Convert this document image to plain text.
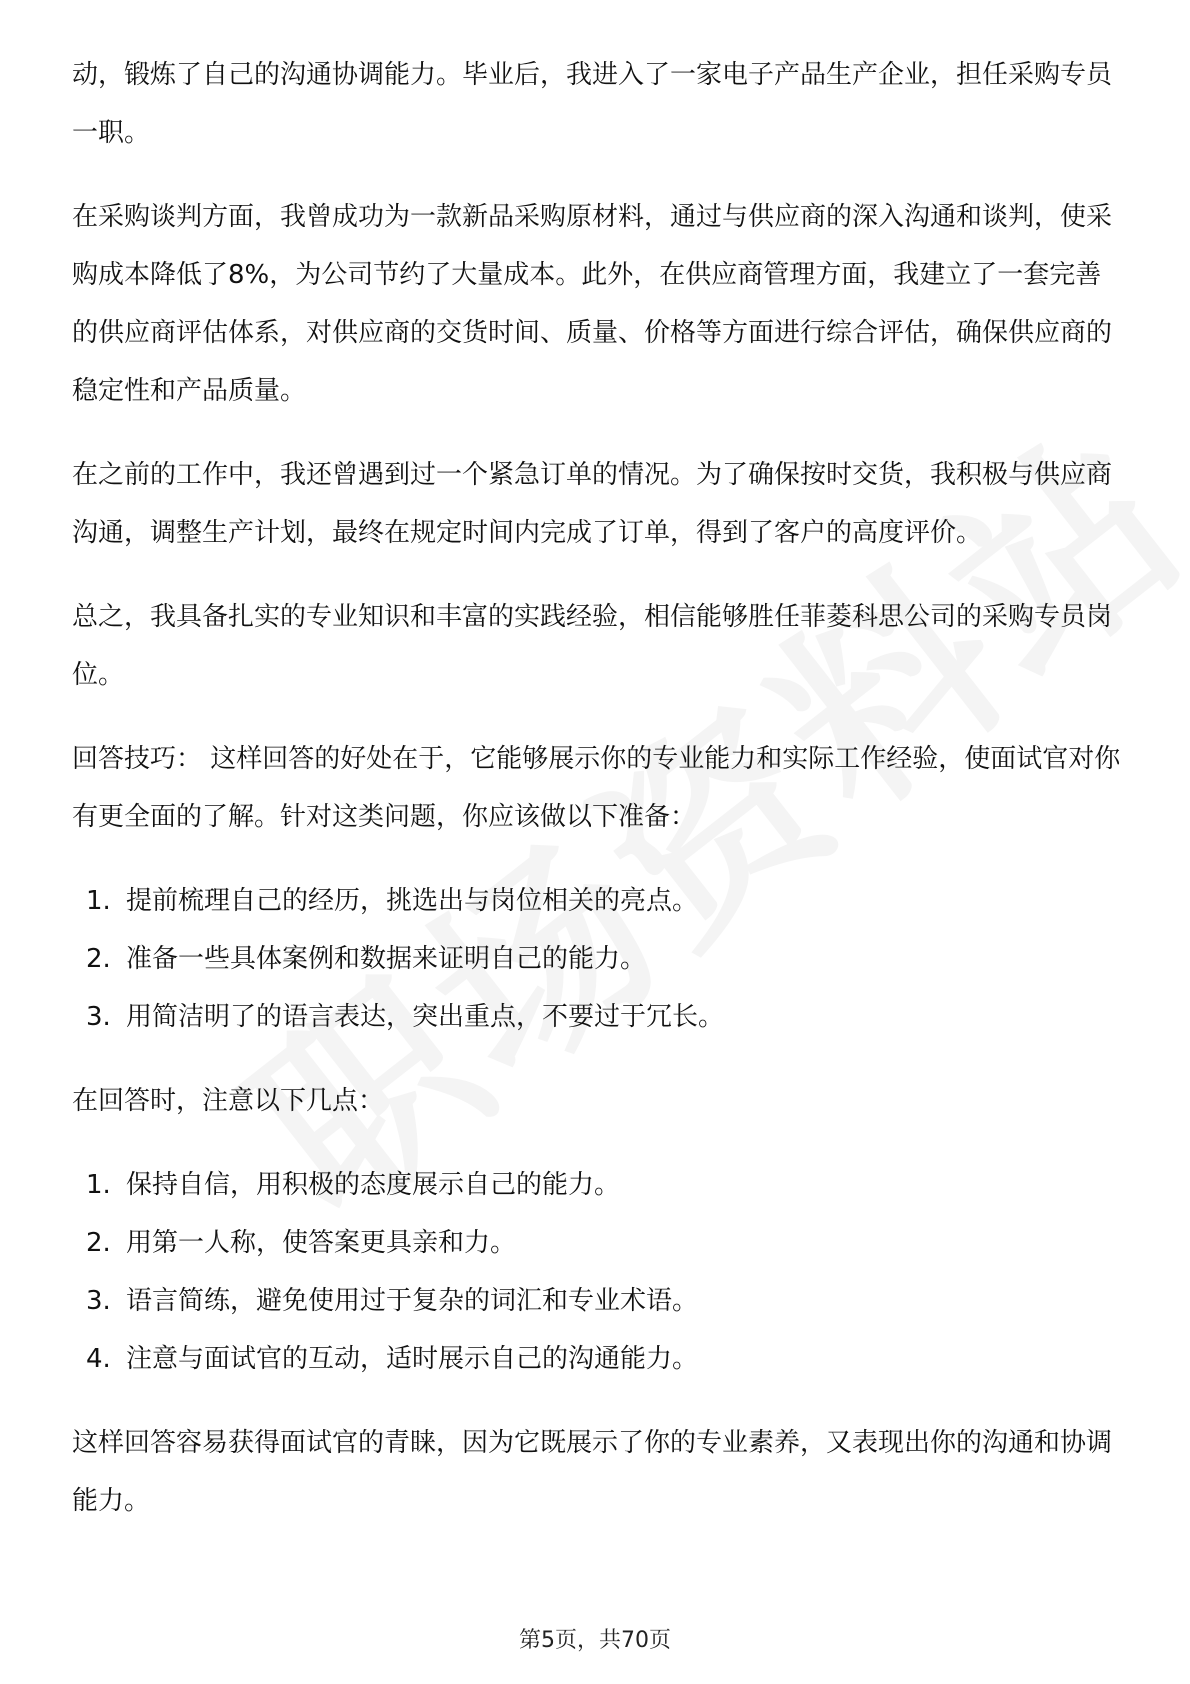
动，锻炼了自己的沟通协调能力。毕业后，我进入了一家电子产品生产企业，担任采购专员一职。

在采购谈判方面，我曾成功为一款新品采购原材料，通过与供应商的深入沟通和谈判，使采购成本降低了8%，为公司节约了大量成本。此外，在供应商管理方面，我建立了一套完善的供应商评估体系，对供应商的交货时间、质量、价格等方面进行综合评估，确保供应商的稳定性和产品质量。

在之前的工作中，我还曾遇到过一个紧急订单的情况。为了确保按时交货，我积极与供应商沟通，调整生产计划，最终在规定时间内完成了订单，得到了客户的高度评价。

总之，我具备扎实的专业知识和丰富的实践经验，相信能够胜任菲菱科思公司的采购专员岗位。

回答技巧： 这样回答的好处在于，它能够展示你的专业能力和实际工作经验，使面试官对你有更全面的了解。针对这类问题，你应该做以下准备：

1. 提前梳理自己的经历，挑选出与岗位相关的亮点。
2. 准备一些具体案例和数据来证明自己的能力。
3. 用简洁明了的语言表达，突出重点，不要过于冗长。

在回答时，注意以下几点：

1. 保持自信，用积极的态度展示自己的能力。
2. 用第一人称，使答案更具亲和力。
3. 语言简练，避免使用过于复杂的词汇和专业术语。
4. 注意与面试官的互动，适时展示自己的沟通能力。

这样回答容易获得面试官的青睐，因为它既展示了你的专业素养，又表现出你的沟通和协调能力。

第5页，共70页
